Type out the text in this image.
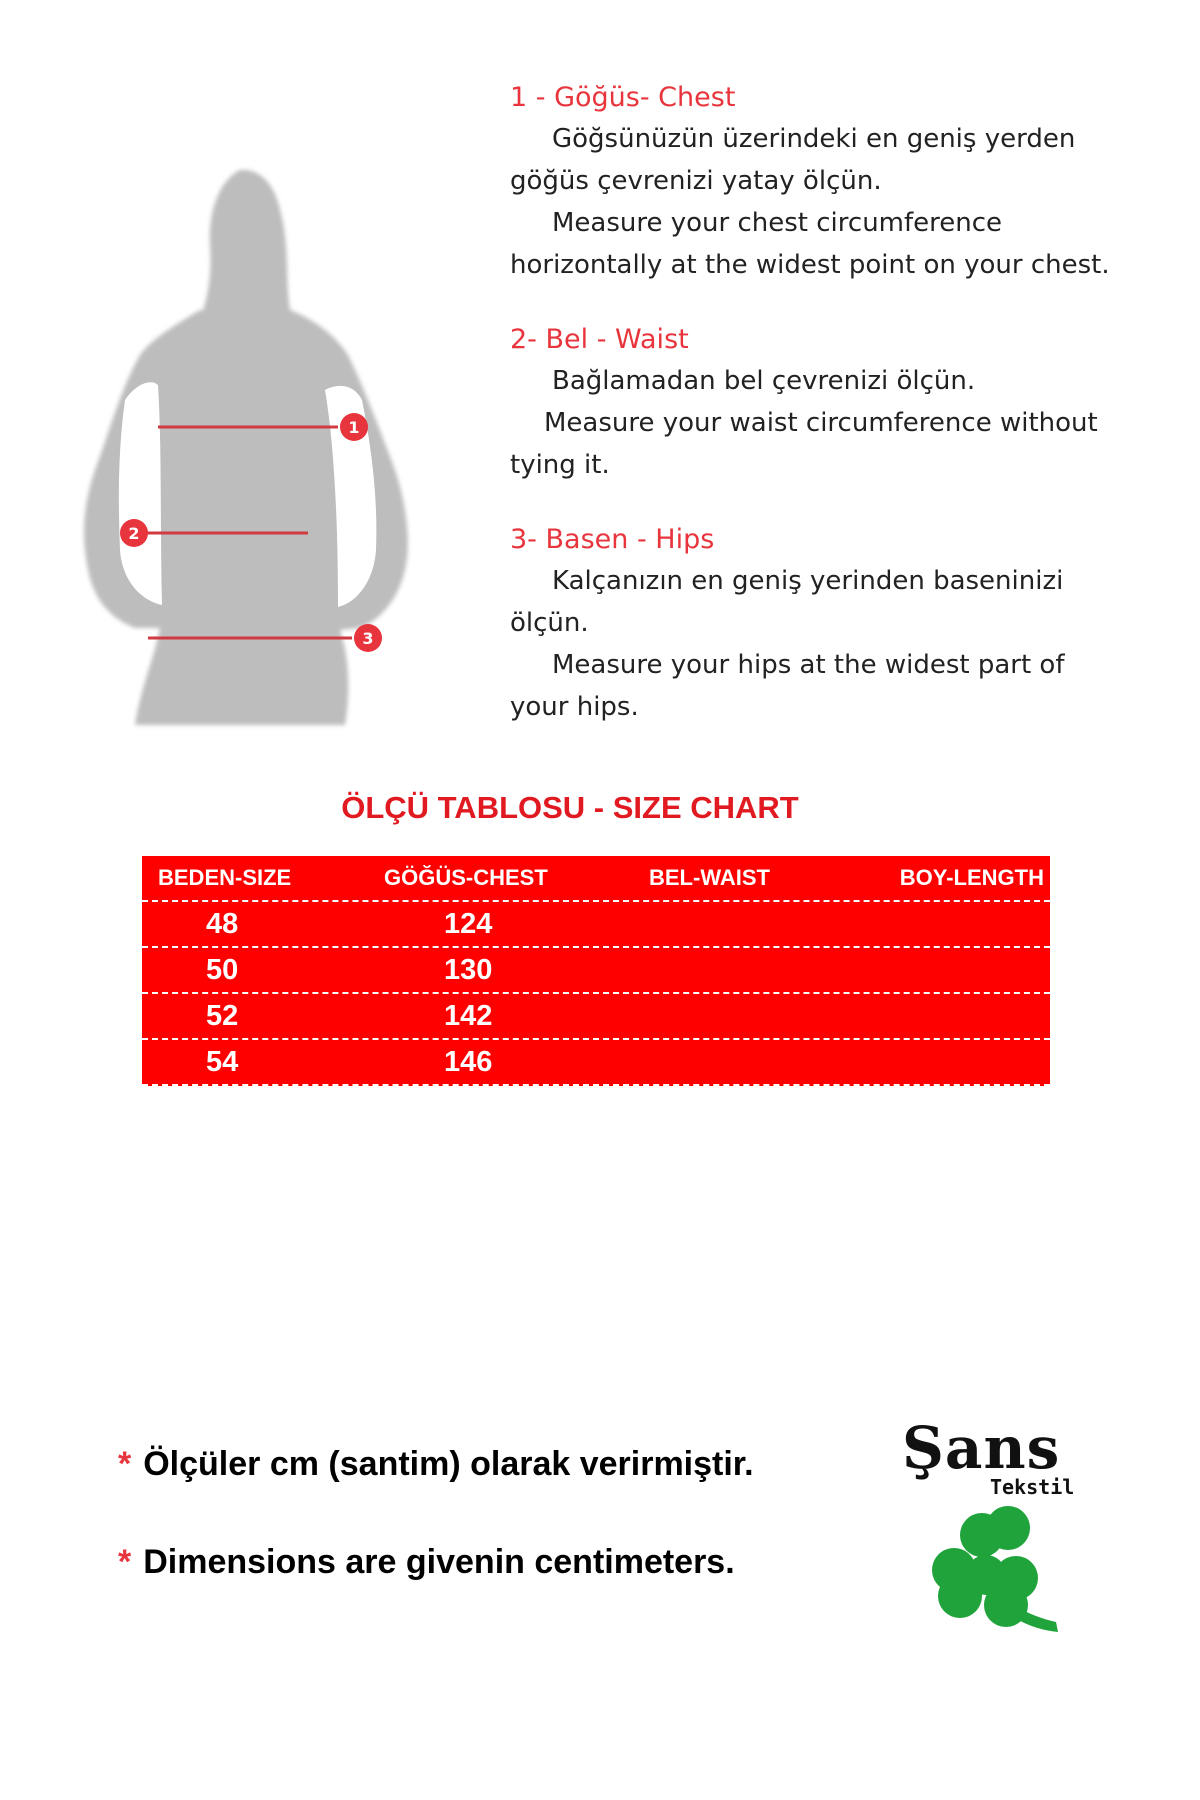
1
2
3
1 - Göğüs- Chest
Göğsünüzün üzerindeki en geniş yerden
göğüs çevrenizi yatay ölçün.
Measure your chest circumference
horizontally at the widest point on your chest.
2- Bel - Waist
Bağlamadan bel çevrenizi ölçün.
Measure your waist circumference without
tying it.
3- Basen - Hips
Kalçanızın en geniş yerinden baseninizi
ölçün.
Measure your hips at the widest part of
your hips.
ÖLÇÜ TABLOSU - SIZE CHART
BEDEN-SIZE	GÖĞÜS-CHEST	BEL-WAIST	BOY-LENGTH
48	124
50	130
52	142
54	146
* Ölçüler cm (santim) olarak verirmiştir.
* Dimensions are givenin centimeters.
Şans
Tekstil
